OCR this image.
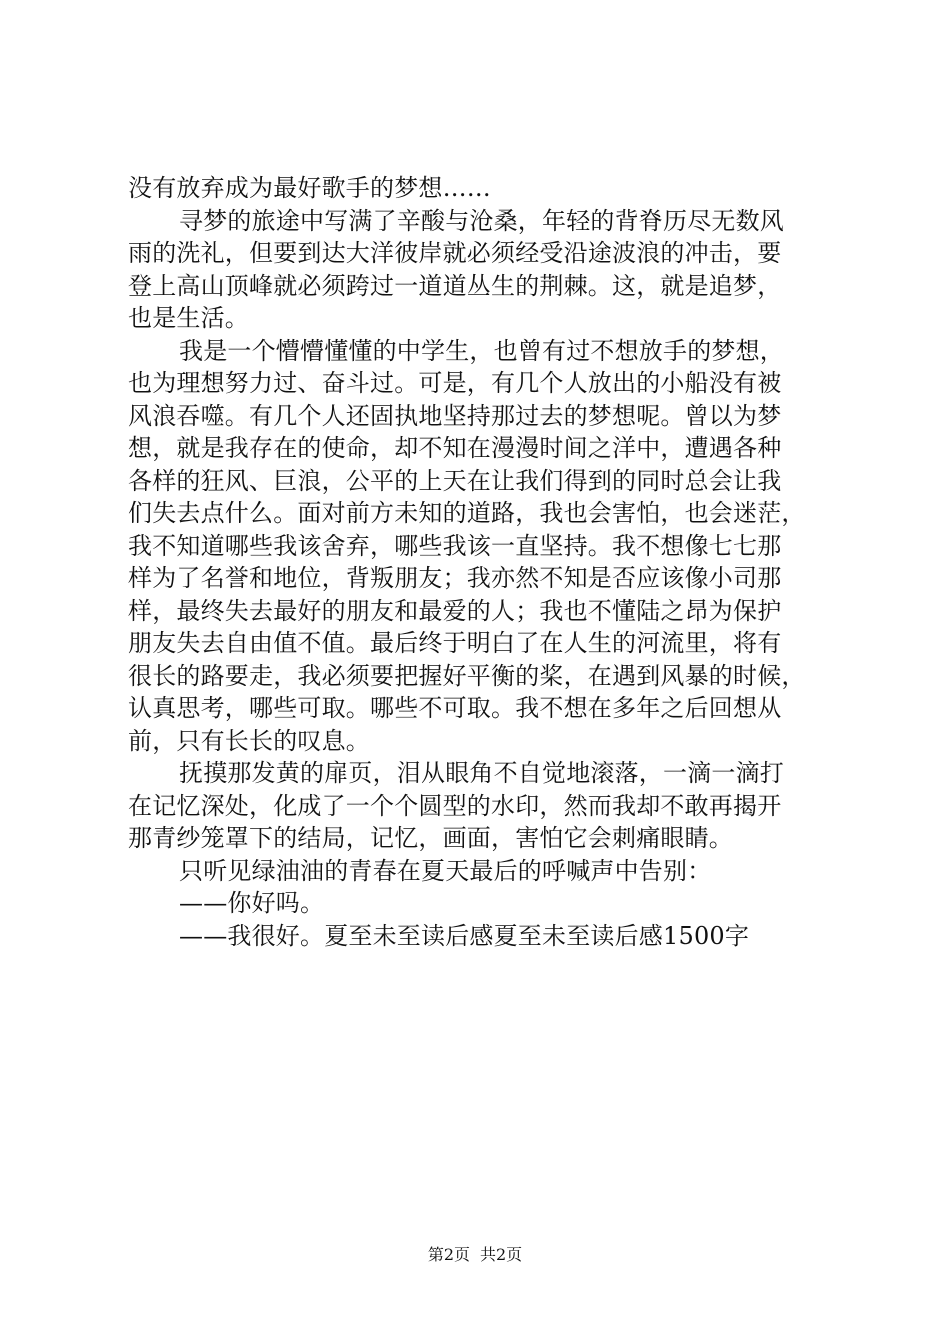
没有放弃成为最好歌手的梦想……
寻梦的旅途中写满了辛酸与沧桑，年轻的背脊历尽无数风
雨的洗礼，但要到达大洋彼岸就必须经受沿途波浪的冲击，要
登上高山顶峰就必须跨过一道道丛生的荆棘。这，就是追梦，
也是生活。
我是一个懵懵懂懂的中学生，也曾有过不想放手的梦想，
也为理想努力过、奋斗过。可是，有几个人放出的小船没有被
风浪吞噬。有几个人还固执地坚持那过去的梦想呢。曾以为梦
想，就是我存在的使命，却不知在漫漫时间之洋中，遭遇各种
各样的狂风、巨浪，公平的上天在让我们得到的同时总会让我
们失去点什么。面对前方未知的道路，我也会害怕，也会迷茫，
我不知道哪些我该舍弃，哪些我该一直坚持。我不想像七七那
样为了名誉和地位，背叛朋友；我亦然不知是否应该像小司那
样，最终失去最好的朋友和最爱的人；我也不懂陆之昂为保护
朋友失去自由值不值。最后终于明白了在人生的河流里，将有
很长的路要走，我必须要把握好平衡的桨，在遇到风暴的时候，
认真思考，哪些可取。哪些不可取。我不想在多年之后回想从
前，只有长长的叹息。
抚摸那发黄的扉页，泪从眼角不自觉地滚落，一滴一滴打
在记忆深处，化成了一个个圆型的水印，然而我却不敢再揭开
那青纱笼罩下的结局，记忆，画面，害怕它会刺痛眼睛。
只听见绿油油的青春在夏天最后的呼喊声中告别：
——你好吗。
——我很好。夏至未至读后感夏至未至读后感1500字
第2页 共2页
